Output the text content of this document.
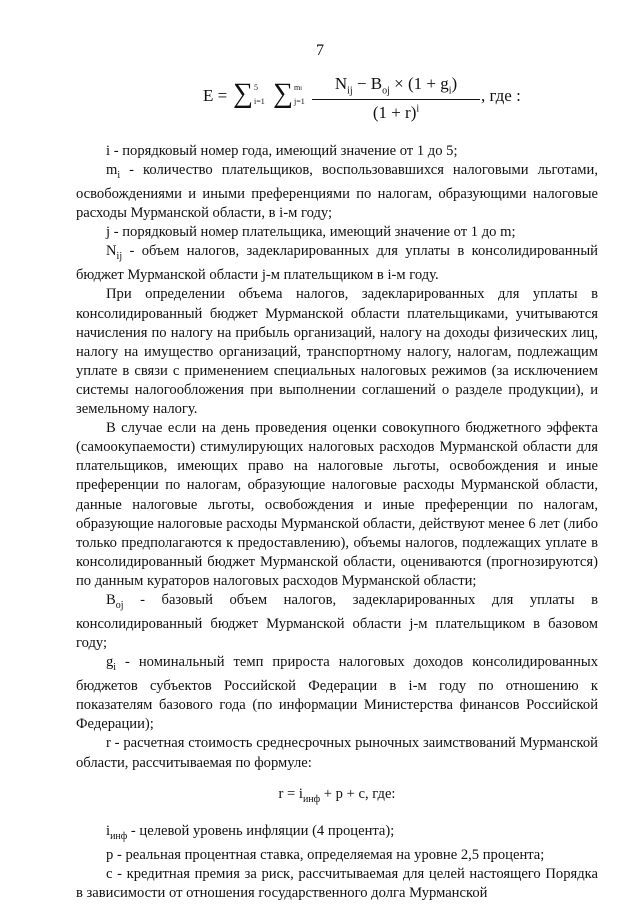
7
E = ∑ 5
i=1 ∑ mi
j=1
$N_{ij} - B_{oj} \times (1 + g_i)$
$(1 + r)^i$
, где :

i - порядковый номер года, имеющий значение от 1 до 5;

$m_i$ - количество плательщиков, воспользовавшихся налоговыми льготами, освобождениями и иными преференциями по налогам, образующими налоговые расходы Мурманской области, в i-м году;

j - порядковый номер плательщика, имеющий значение от 1 до m;

$N_{ij}$ - объем налогов, задекларированных для уплаты в консолидированный бюджет Мурманской области j-м плательщиком в i-м году.

При определении объема налогов, задекларированных для уплаты в консолидированный бюджет Мурманской области плательщиками, учитываются начисления по налогу на прибыль организаций, налогу на доходы физических лиц, налогу на имущество организаций, транспортному налогу, налогам, подлежащим уплате в связи с применением специальных налоговых режимов (за исключением системы налогообложения при выполнении соглашений о разделе продукции), и земельному налогу.

В случае если на день проведения оценки совокупного бюджетного эффекта (самоокупаемости) стимулирующих налоговых расходов Мурманской области для плательщиков, имеющих право на налоговые льготы, освобождения и иные преференции по налогам, образующие налоговые расходы Мурманской области, данные налоговые льготы, освобождения и иные преференции по налогам, образующие налоговые расходы Мурманской области, действуют менее 6 лет (либо только предполагаются к предоставлению), объемы налогов, подлежащих уплате в консолидированный бюджет Мурманской области, оцениваются (прогнозируются) по данным кураторов налоговых расходов Мурманской области;

$B_{oj}$ - базовый объем налогов, задекларированных для уплаты в консолидированный бюджет Мурманской области j-м плательщиком в базовом году;

$g_i$ - номинальный темп прироста налоговых доходов консолидированных бюджетов субъектов Российской Федерации в i-м году по отношению к показателям базового года (по информации Министерства финансов Российской Федерации);

r - расчетная стоимость среднесрочных рыночных заимствований Мурманской области, рассчитываемая по формуле:

$r = i_{инф} + p + c$, где:

$i_{инф}$ - целевой уровень инфляции (4 процента);

p - реальная процентная ставка, определяемая на уровне 2,5 процента;

c - кредитная премия за риск, рассчитываемая для целей настоящего Порядка в зависимости от отношения государственного долга Мурманской
